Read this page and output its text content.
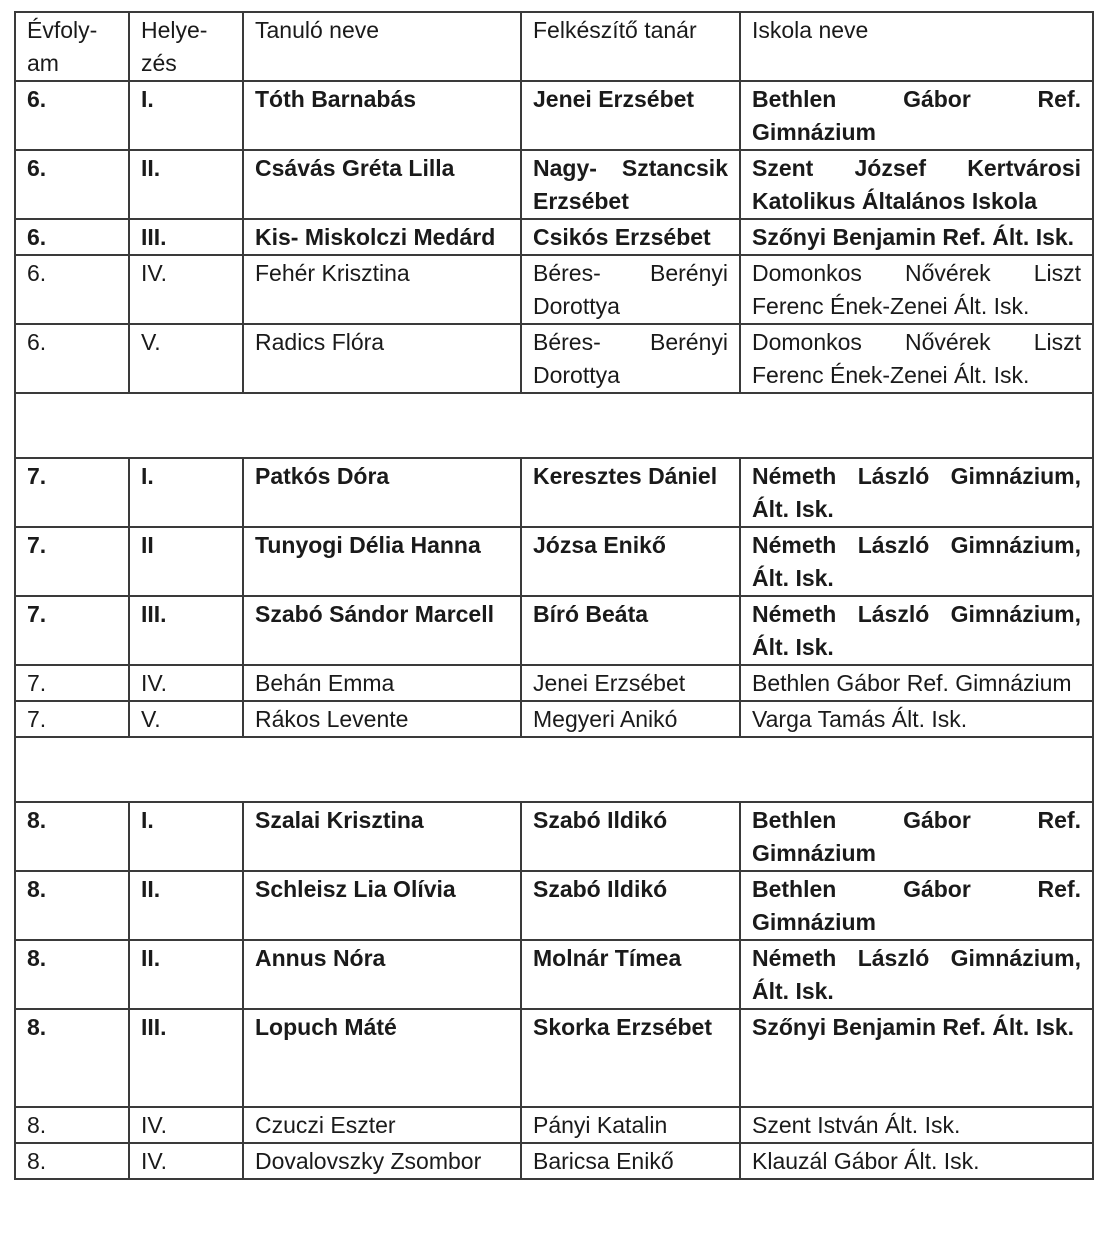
Évfoly-am	Helye-zés	Tanuló neve	Felkészítő tanár	Iskola neve
6.	I.	Tóth Barnabás	Jenei Erzsébet	Bethlen Gábor Ref. Gimnázium
6.	II.	Csávás Gréta Lilla	Nagy- Sztancsik Erzsébet	Szent József Kertvárosi Katolikus Általános Iskola
6.	III.	Kis- Miskolczi Medárd	Csikós Erzsébet	Szőnyi Benjamin Ref. Ált. Isk.
6.	IV.	Fehér Krisztina	Béres- Berényi Dorottya	Domonkos Nővérek Liszt Ferenc Ének-Zenei Ált. Isk.
6.	V.	Radics Flóra	Béres- Berényi Dorottya	Domonkos Nővérek Liszt Ferenc Ének-Zenei Ált. Isk.

7.	I.	Patkós Dóra	Keresztes Dániel	Németh László Gimnázium, Ált. Isk.
7.	II	Tunyogi Délia Hanna	Józsa Enikő	Németh László Gimnázium, Ált. Isk.
7.	III.	Szabó Sándor Marcell	Bíró Beáta	Németh László Gimnázium, Ált. Isk.
7.	IV.	Behán Emma	Jenei Erzsébet	Bethlen Gábor Ref. Gimnázium
7.	V.	Rákos Levente	Megyeri Anikó	Varga Tamás Ált. Isk.

8.	I.	Szalai Krisztina	Szabó Ildikó	Bethlen Gábor Ref. Gimnázium
8.	II.	Schleisz Lia Olívia	Szabó Ildikó	Bethlen Gábor Ref. Gimnázium
8.	II.	Annus Nóra	Molnár Tímea	Németh László Gimnázium, Ált. Isk.
8.	III.	Lopuch Máté	Skorka Erzsébet	Szőnyi Benjamin Ref. Ált. Isk.
8.	IV.	Czuczi Eszter	Pányi Katalin	Szent István Ált. Isk.
8.	IV.	Dovalovszky Zsombor	Baricsa Enikő	Klauzál Gábor Ált. Isk.
